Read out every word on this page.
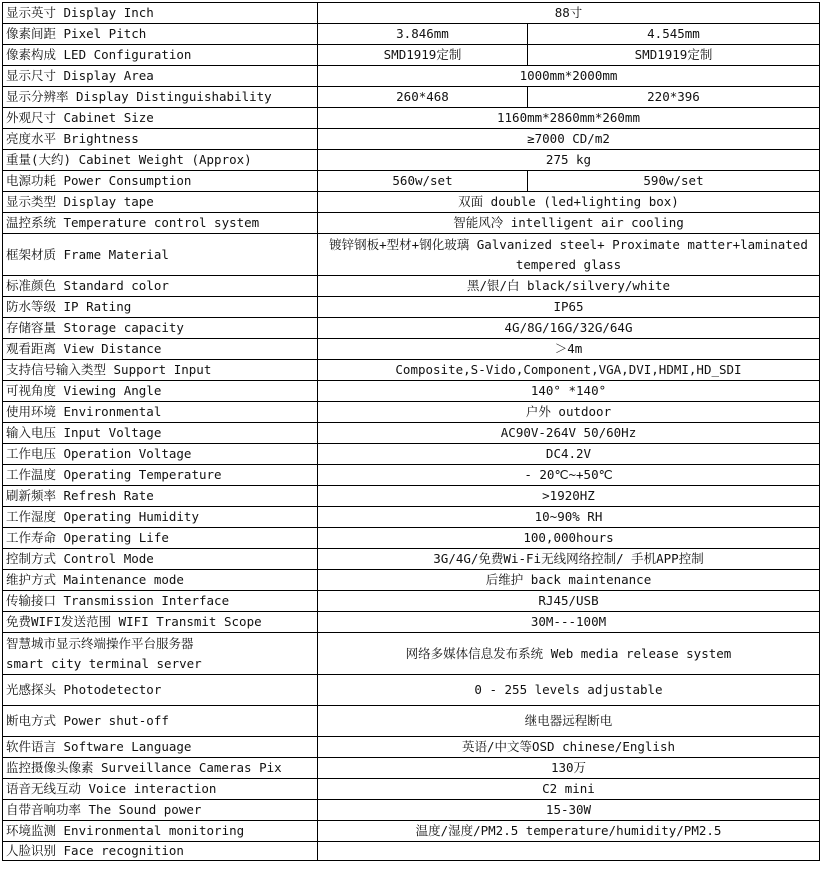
显示英寸 Display Inch	88寸	
像素间距 Pixel Pitch	3.846mm	4.545mm
像素构成 LED Configuration	SMD1919定制	SMD1919定制
显示尺寸 Display Area	1000mm*2000mm	
显示分辨率 Display Distinguishability	260*468	220*396
外观尺寸 Cabinet Size	1160mm*2860mm*260mm	
亮度水平 Brightness	≥7000 CD/m2	
重量(大约) Cabinet Weight (Approx)	275 kg	
电源功耗 Power Consumption	560w/set	590w/set
显示类型 Display tape	双面 double (led+lighting box)	
温控系统 Temperature control system	智能风冷 intelligent air cooling	
框架材质 Frame Material	镀锌钢板+型材+钢化玻璃 Galvanized steel+ Proximate matter+laminated tempered glass	
标准颜色 Standard color	黑/银/白 black/silvery/white	
防水等级 IP Rating	IP65	
存储容量 Storage capacity	4G/8G/16G/32G/64G	
观看距离 View Distance	＞4m	
支持信号输入类型 Support Input	Composite,S-Vido,Component,VGA,DVI,HDMI,HD_SDI	
可视角度 Viewing Angle	140° *140°	
使用环境 Environmental	户外 outdoor	
输入电压 Input Voltage	AC90V-264V 50/60Hz	
工作电压 Operation Voltage	DC4.2V	
工作温度 Operating Temperature	- 20℃~+50℃	
刷新频率 Refresh Rate	>1920HZ	
工作湿度 Operating Humidity	10~90% RH	
工作寿命 Operating Life	100,000hours	
控制方式 Control Mode	3G/4G/免费Wi-Fi无线网络控制/ 手机APP控制	
维护方式 Maintenance mode	后维护 back maintenance	
传输接口 Transmission Interface	RJ45/USB	
免费WIFI发送范围 WIFI Transmit Scope	30M---100M	
智慧城市显示终端操作平台服务器
smart city terminal server	网络多媒体信息发布系统 Web media release system	
光感探头 Photodetector	0 - 255 levels adjustable	
断电方式 Power shut-off	继电器远程断电	
软件语言 Software Language	英语/中文等OSD chinese/English	
监控摄像头像素 Surveillance Cameras Pix	130万	
语音无线互动 Voice interaction	C2 mini	
自带音响功率 The Sound power	15-30W	
环境监测 Environmental monitoring	温度/湿度/PM2.5 temperature/humidity/PM2.5	
人脸识别 Face recognition		
